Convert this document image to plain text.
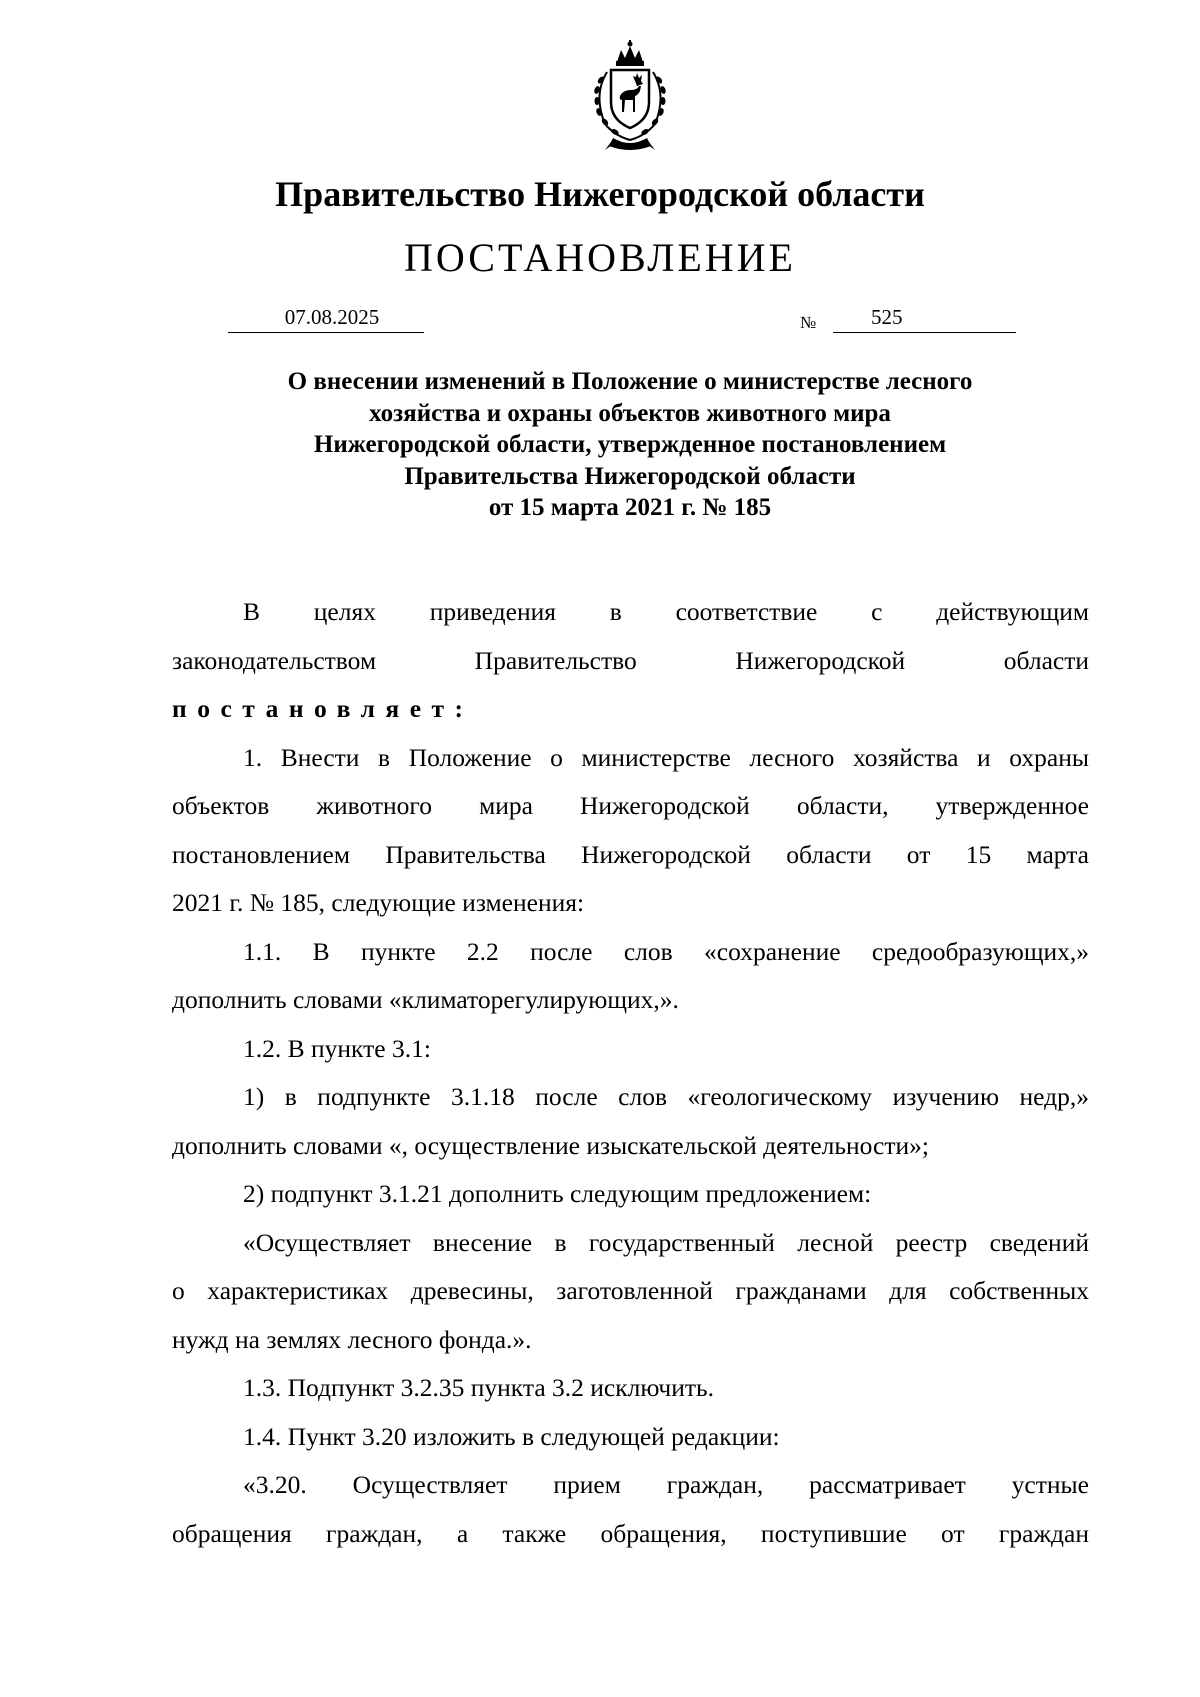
Правительство Нижегородской области
ПОСТАНОВЛЕНИЕ
07.08.2025	№	525
О внесении изменений в Положение о министерстве лесного
хозяйства и охраны объектов животного мира
Нижегородской области, утвержденное постановлением
Правительства Нижегородской области
от 15 марта 2021 г. № 185
В целях приведения в соответствие с действующим
законодательством Правительство Нижегородской области
постановляет:
1. Внести в Положение о министерстве лесного хозяйства и охраны
объектов животного мира Нижегородской области, утвержденное
постановлением Правительства Нижегородской области от 15 марта
2021 г. № 185, следующие изменения:
1.1. В пункте 2.2 после слов «сохранение средообразующих,»
дополнить словами «климаторегулирующих,».
1.2. В пункте 3.1:
1) в подпункте 3.1.18 после слов «геологическому изучению недр,»
дополнить словами «, осуществление изыскательской деятельности»;
2) подпункт 3.1.21 дополнить следующим предложением:
«Осуществляет внесение в государственный лесной реестр сведений
о характеристиках древесины, заготовленной гражданами для собственных
нужд на землях лесного фонда.».
1.3. Подпункт 3.2.35 пункта 3.2 исключить.
1.4. Пункт 3.20 изложить в следующей редакции:
«3.20. Осуществляет прием граждан, рассматривает устные
обращения граждан, а также обращения, поступившие от граждан
